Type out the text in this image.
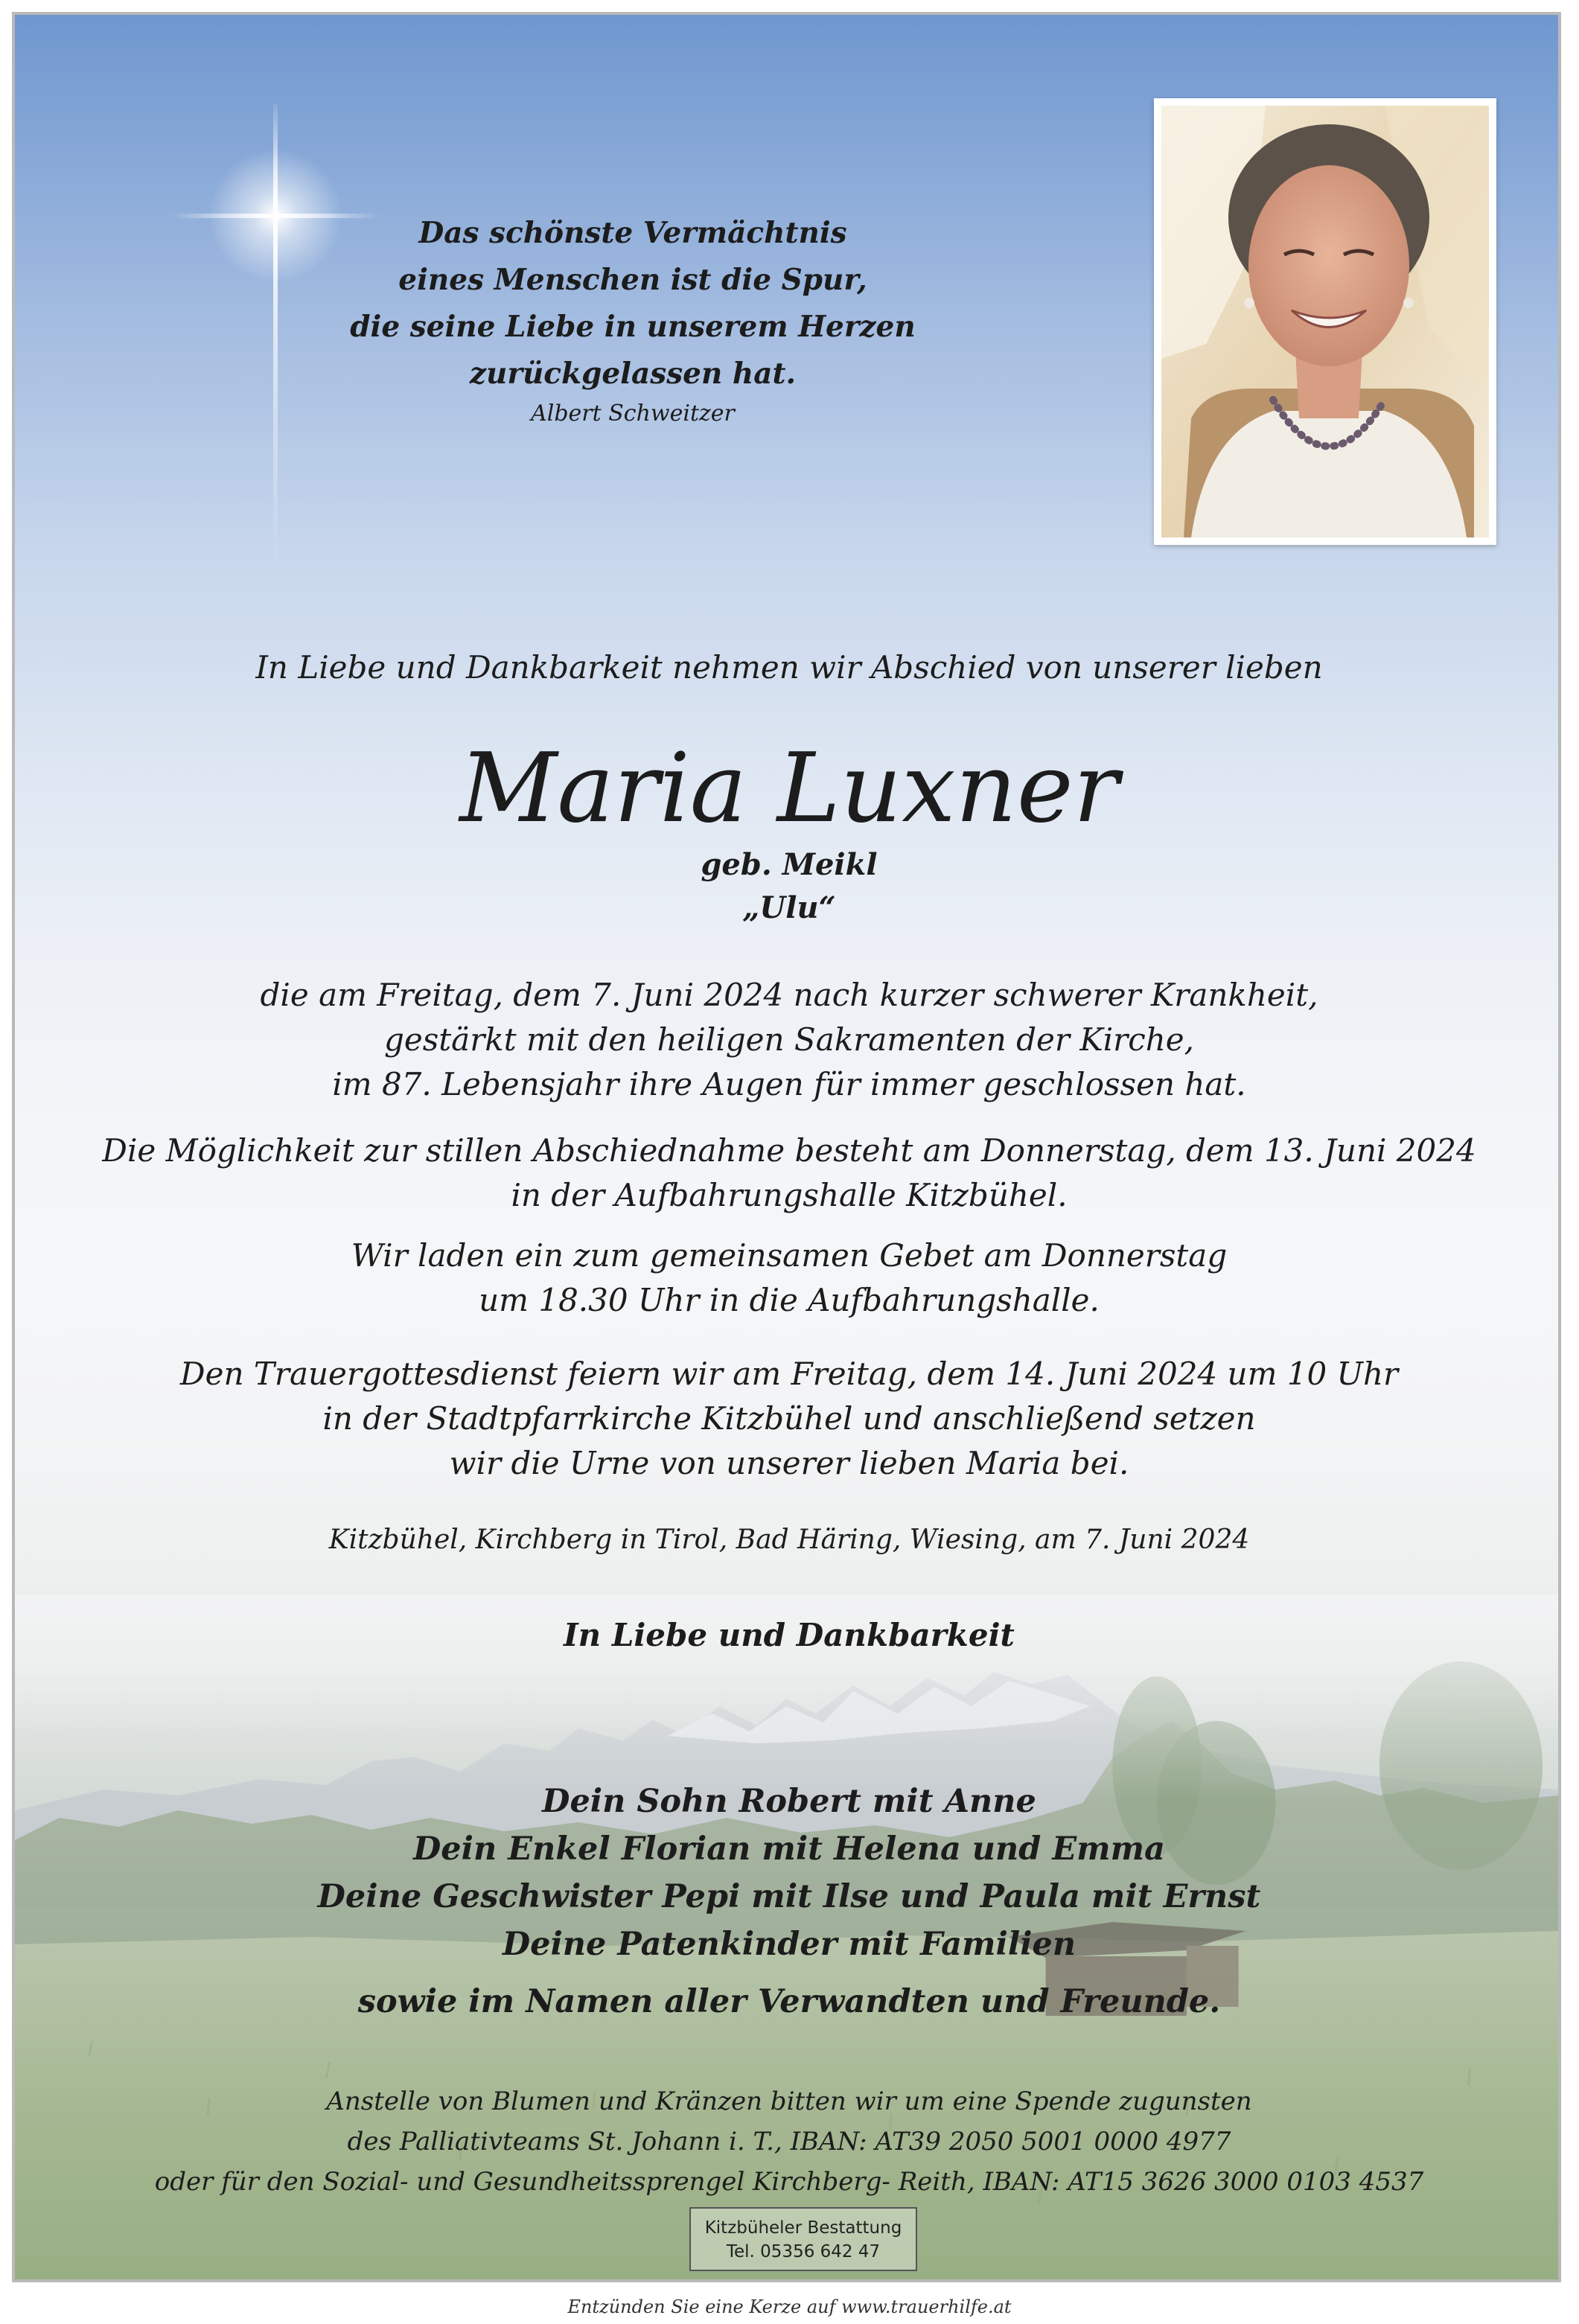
Das schönste Vermächtnis
eines Menschen ist die Spur,
die seine Liebe in unserem Herzen
zurückgelassen hat.
Albert Schweitzer
In Liebe und Dankbarkeit nehmen wir Abschied von unserer lieben
Maria Luxner
geb. Meikl
„Ulu“
die am Freitag, dem 7. Juni 2024 nach kurzer schwerer Krankheit,
gestärkt mit den heiligen Sakramenten der Kirche,
im 87. Lebensjahr ihre Augen für immer geschlossen hat.
Die Möglichkeit zur stillen Abschiednahme besteht am Donnerstag, dem 13. Juni 2024
in der Aufbahrungshalle Kitzbühel.
Wir laden ein zum gemeinsamen Gebet am Donnerstag
um 18.30 Uhr in die Aufbahrungshalle.
Den Trauergottesdienst feiern wir am Freitag, dem 14. Juni 2024 um 10 Uhr
in der Stadtpfarrkirche Kitzbühel und anschließend setzen
wir die Urne von unserer lieben Maria bei.
Kitzbühel, Kirchberg in Tirol, Bad Häring, Wiesing, am 7. Juni 2024
In Liebe und Dankbarkeit
Dein Sohn Robert mit Anne
Dein Enkel Florian mit Helena und Emma
Deine Geschwister Pepi mit Ilse und Paula mit Ernst
Deine Patenkinder mit Familien
sowie im Namen aller Verwandten und Freunde.
Anstelle von Blumen und Kränzen bitten wir um eine Spende zugunsten
des Palliativteams St. Johann i. T., IBAN: AT39 2050 5001 0000 4977
oder für den Sozial- und Gesundheitssprengel Kirchberg- Reith, IBAN: AT15 3626 3000 0103 4537
Kitzbüheler Bestattung
Tel. 05356 642 47
Entzünden Sie eine Kerze auf www.trauerhilfe.at
